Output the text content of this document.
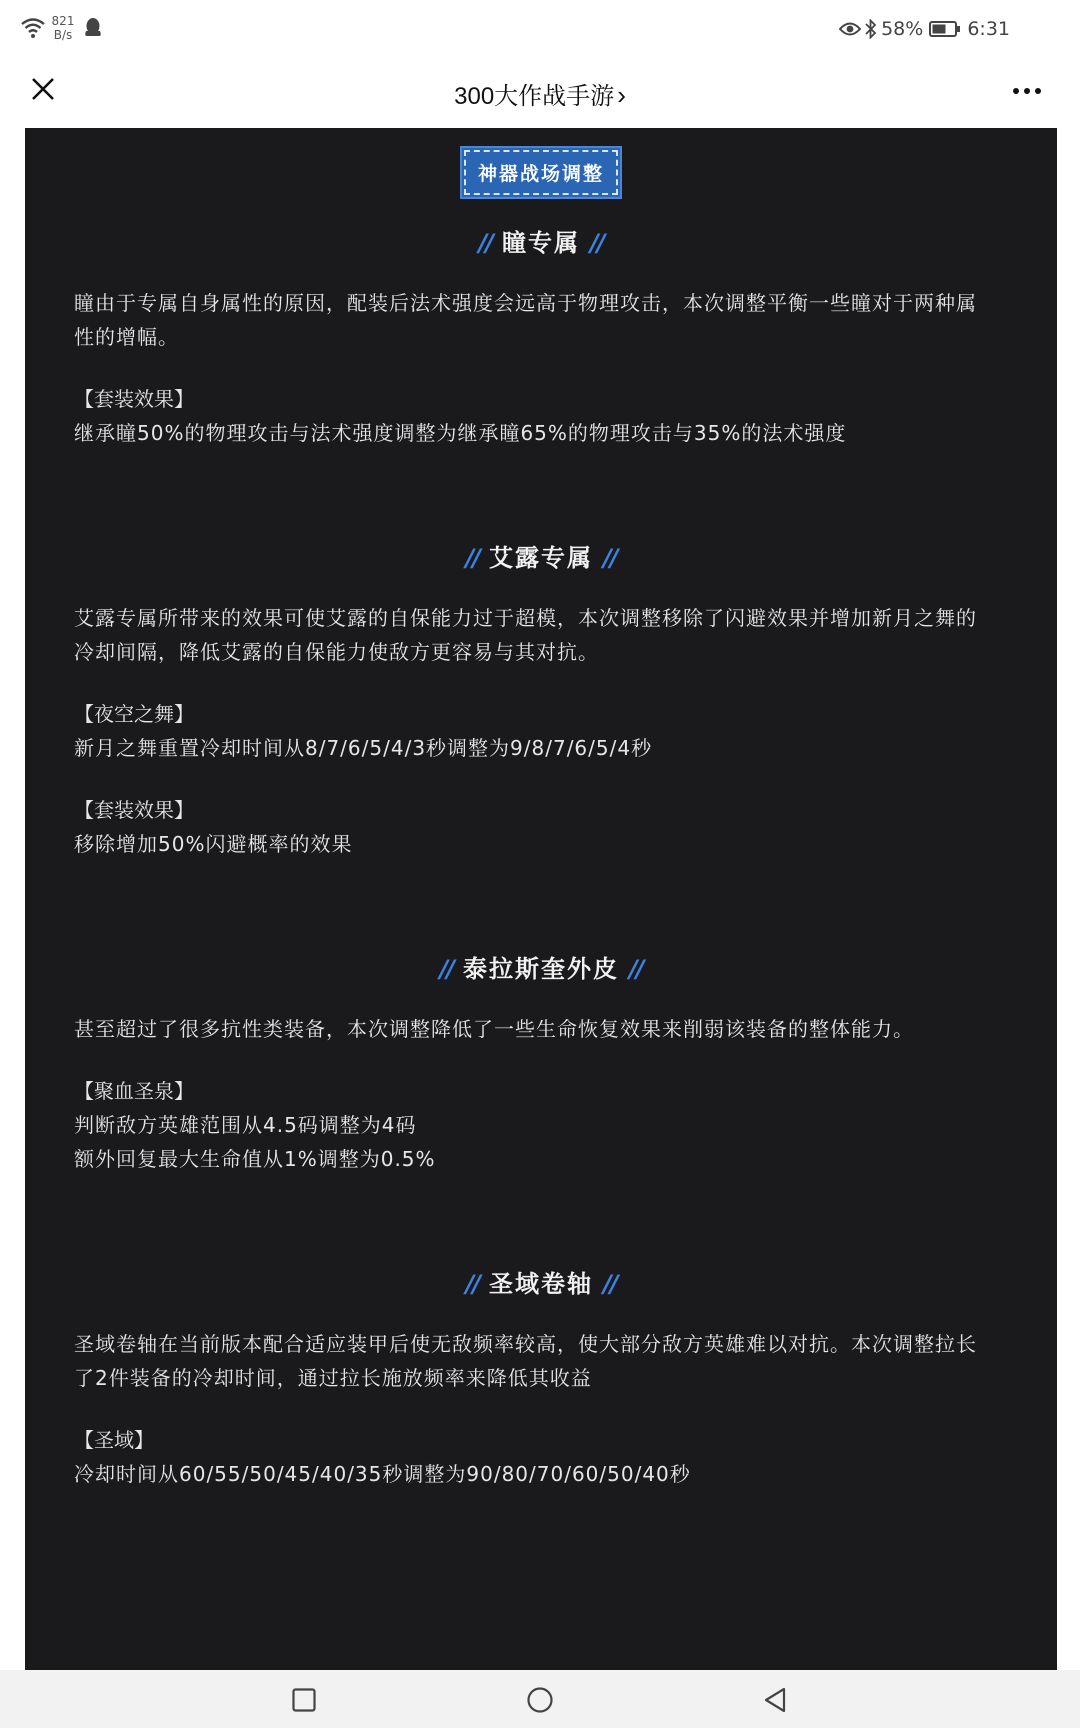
821
B/s	58% 6:31
300大作战手游 ›
神器战场调整
// 瞳专属 //

瞳由于专属自身属性的原因，配装后法术强度会远高于物理攻击，本次调整平衡一些瞳对于两种属性的增幅。

【套装效果】

继承瞳50%的物理攻击与法术强度调整为继承瞳65%的物理攻击与35%的法术强度

// 艾露专属 //

艾露专属所带来的效果可使艾露的自保能力过于超模，本次调整移除了闪避效果并增加新月之舞的冷却间隔，降低艾露的自保能力使敌方更容易与其对抗。

【夜空之舞】

新月之舞重置冷却时间从8/7/6/5/4/3秒调整为9/8/7/6/5/4秒

【套装效果】

移除增加50%闪避概率的效果

// 泰拉斯奎外皮 //

甚至超过了很多抗性类装备，本次调整降低了一些生命恢复效果来削弱该装备的整体能力。

【聚血圣泉】

判断敌方英雄范围从4.5码调整为4码

额外回复最大生命值从1%调整为0.5%

// 圣域卷轴 //

圣域卷轴在当前版本配合适应装甲后使无敌频率较高，使大部分敌方英雄难以对抗。本次调整拉长了2件装备的冷却时间，通过拉长施放频率来降低其收益

【圣域】

冷却时间从60/55/50/45/40/35秒调整为90/80/70/60/50/40秒
